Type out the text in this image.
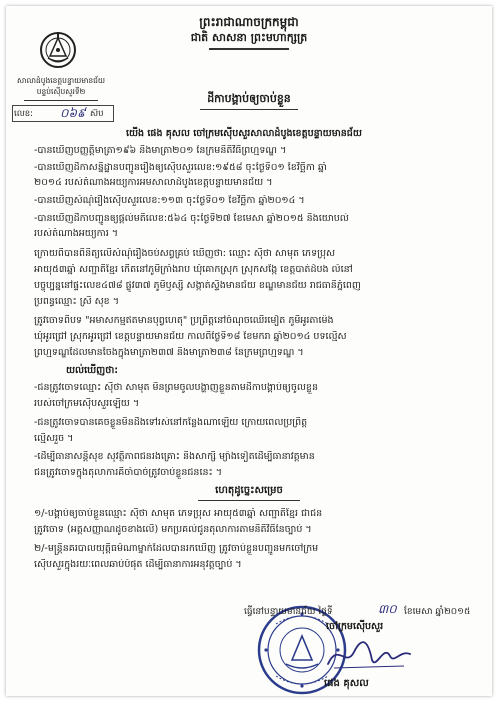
ព្រះរាជាណាចក្រកម្ពុជា
ជាតិ សាសនា ព្រះមហាក្សត្រ
សាលាដំបូងខេត្តបន្ទាយមានជ័យ
បន្ទប់ស៊ើបសួរទី២
ដីកាបង្គាប់ឲ្យចាប់ខ្លួន
លេខ: ០៦៩ ស៊ប
យើង ផេង គុសល ចៅក្រមស៊ើបសួរសាលាដំបូងខេត្តបន្ទាយមានជ័យ
-បានឃើញបញ្ញត្តិមាត្រា១៩៦ និងមាត្រា២០១ នៃក្រមនីតិវិធីព្រហ្មទណ្ឌ ។
-បានឃើញដីកាសន្និដ្ឋានបញ្ជូនរឿងឲ្យស៊ើបសួរលេខ:១៩៥៨ ចុះថ្ងៃទី០១ ខែវិច្ឆិកា ឆ្នាំ
២០១៤ របស់តំណាងអយ្យការអមសាលាដំបូងខេត្តបន្ទាយមានជ័យ ។
-បានឃើញសំណុំរឿងស៊ើបសួរលេខ:១១៣ ចុះថ្ងៃទី០១ ខែវិច្ឆិកា ឆ្នាំ២០១៤ ។
-បានឃើញដីកាបញ្ជូនឲ្យផ្តល់មតិលេខ:៥៦៤ ចុះថ្ងៃទី២៧ ខែមេសា ឆ្នាំ២០១៥ និងយោបល់
របស់តំណាងអយ្យការ ។
ក្រោយពីបានពិនិត្យលើសំណុំរឿងចប់សព្វគ្រប់ ឃើញថា: ឈ្មោះ ស៊ីថា សាមុត ភេទប្រុស
អាយុ៥៣ឆ្នាំ សញ្ជាតិខ្មែរ កើតនៅភូមិក្រាំងរាប ឃុំគោកស្រុក ស្រុកសង្កែ ខេត្តបាត់ដំបង លំនៅ
បច្ចុប្បន្ននៅផ្ទះលេខ៤៧៨ ផ្លូវ៣៧ ភូមិឫស្សី សង្កាត់ស្ទឹងមានជ័យ ខណ្ឌមានជ័យ រាជធានីភ្នំពេញ
ប្រពន្ធឈ្មោះ ស្រី សុខ ។
ត្រូវចោទពីបទ "អមាសកម្មឥតមានបុព្វហេតុ" ប្រព្រឹត្តនៅចំណុចឈើរមៀត ភូមិអូរតាម៉េង
ឃុំអូរជ្រៅ ស្រុកអូរជ្រៅ ខេត្តបន្ទាយមានជ័យ កាលពីថ្ងៃទី១៨ ខែមករា ឆ្នាំ២០១៤ បទល្មើស
ព្រហ្មទណ្ឌដែលមានចែងក្នុងមាត្រា២៣៧ និងមាត្រា២៣៨ នៃក្រមព្រហ្មទណ្ឌ ។
យល់ឃើញថា:
-ជនត្រូវចោទឈ្មោះ ស៊ីថា សាមុត មិនព្រមចូលបង្ហាញខ្លួនតាមដីកាបង្គាប់ឲ្យចូលខ្លួន
របស់ចៅក្រមស៊ើបសួរឡើយ ។
-ជនត្រូវចោទបានគេចខ្លួនមិនដឹងទៅរស់នៅកន្លែងណាឡើយ ក្រោយពេលប្រព្រឹត្ត
ល្មើសរួច ។
-ដើម្បីធានាសន្តិសុខ សុវត្ថិភាពជនរងគ្រោះ និងសាក្សី ម្យ៉ាងទៀតដើម្បីធានាវត្តមាន
ជនត្រូវចោទក្នុងតុលាការគឺចាំបាច់ត្រូវចាប់ខ្លួនជននេះ ។
ហេតុដូច្នេះសម្រេច
១/-បង្គាប់ឲ្យចាប់ខ្លួនឈ្មោះ ស៊ីថា សាមុត ភេទប្រុស អាយុ៥៣ឆ្នាំ សញ្ជាតិខ្មែរ ជាជន
ត្រូវចោទ (អត្តសញ្ញាណដូចខាងលើ) មកប្រគល់ជូនតុលាការតាមនីតិវិធីនៃច្បាប់ ។
២/-មន្ត្រីនគរបាលយុត្តិធម៌ណាម្នាក់ដែលបានរកឃើញ ត្រូវចាប់ខ្លួនបញ្ជូនមកចៅក្រម
ស៊ើបសួរក្នុងរយៈពេលឆាប់បំផុត ដើម្បីធានាការអនុវត្តច្បាប់ ។
ធ្វើនៅបន្ទាយមានជ័យ ថ្ងៃទី	៣០ ខែមេសា ឆ្នាំ២០១៥
ចៅក្រមស៊ើបសួរ
ផេង គុសល
